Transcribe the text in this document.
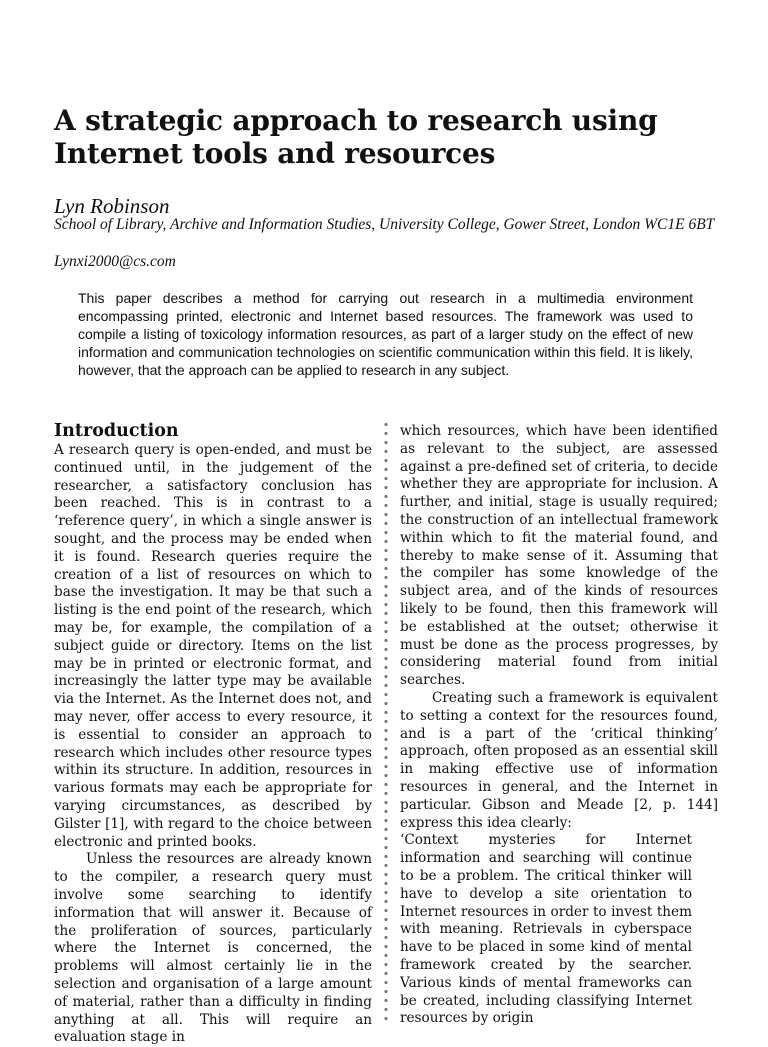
A strategic approach to research using
Internet tools and resources
Lyn Robinson
School of Library, Archive and Information Studies, University College, Gower Street, London WC1E 6BT
Lynxi2000@cs.com

This paper describes a method for carrying out research in a multimedia environment encompassing printed, electronic and Internet based resources. The framework was used to compile a listing of toxicology information resources, as part of a larger study on the effect of new information and communication technologies on scientific communication within this field. It is likely, however, that the approach can be applied to research in any subject.

Introduction

A research query is open-ended, and must be continued until, in the judgement of the researcher, a satisfactory conclusion has been reached. This is in contrast to a ‘reference query’, in which a single answer is sought, and the process may be ended when it is found. Research queries require the creation of a list of resources on which to base the investigation. It may be that such a listing is the end point of the research, which may be, for example, the compilation of a subject guide or directory. Items on the list may be in printed or electronic format, and increasingly the latter type may be available via the Internet. As the Internet does not, and may never, offer access to every resource, it is essential to consider an approach to research which includes other resource types within its structure. In addition, resources in various formats may each be appropriate for varying circumstances, as described by Gilster [1], with regard to the choice between electronic and printed books.

Unless the resources are already known to the compiler, a research query must involve some searching to identify information that will answer it. Because of the proliferation of sources, particularly where the Internet is concerned, the problems will almost certainly lie in the selection and organisation of a large amount of material, rather than a difficulty in finding anything at all. This will require an evaluation stage in

which resources, which have been identified as relevant to the subject, are assessed against a pre-defined set of criteria, to decide whether they are appropriate for inclusion. A further, and initial, stage is usually required; the construction of an intellectual framework within which to fit the material found, and thereby to make sense of it. Assuming that the compiler has some knowledge of the subject area, and of the kinds of resources likely to be found, then this framework will be established at the outset; otherwise it must be done as the process progresses, by considering material found from initial searches.

Creating such a framework is equivalent to setting a context for the resources found, and is a part of the ‘critical thinking’ approach, often proposed as an essential skill in making effective use of information resources in general, and the Internet in particular. Gibson and Meade [2, p. 144] express this idea clearly:

‘Context mysteries for Internet information and searching will continue to be a problem. The critical thinker will have to develop a site orientation to Internet resources in order to invest them with meaning. Retrievals in cyberspace have to be placed in some kind of mental framework created by the searcher. Various kinds of mental frameworks can be created, including classifying Internet resources by origin
